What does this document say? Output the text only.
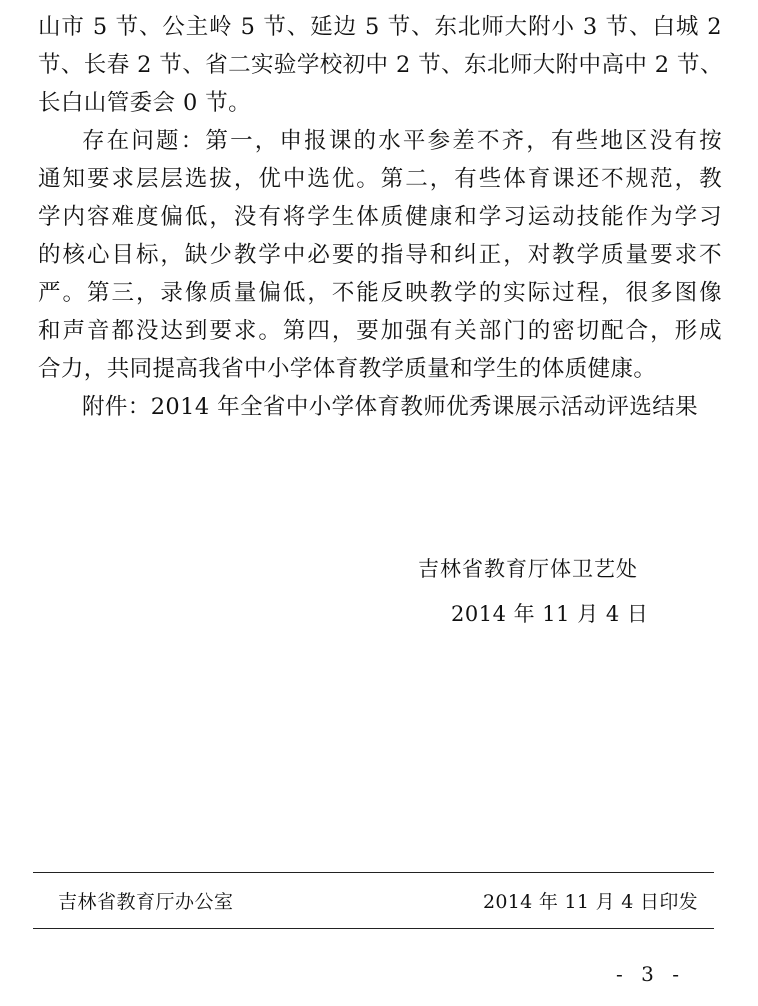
山市 5 节、公主岭 5 节、延边 5 节、东北师大附小 3 节、白城 2
节、长春 2 节、省二实验学校初中 2 节、东北师大附中高中 2 节、
长白山管委会 0 节。
存在问题：第一，申报课的水平参差不齐，有些地区没有按
通知要求层层选拔，优中选优。第二，有些体育课还不规范，教
学内容难度偏低，没有将学生体质健康和学习运动技能作为学习
的核心目标，缺少教学中必要的指导和纠正，对教学质量要求不
严。第三，录像质量偏低，不能反映教学的实际过程，很多图像
和声音都没达到要求。第四，要加强有关部门的密切配合，形成
合力，共同提高我省中小学体育教学质量和学生的体质健康。
附件：2014 年全省中小学体育教师优秀课展示活动评选结果
吉林省教育厅体卫艺处
2014 年 11 月 4 日
吉林省教育厅办公室	2014 年 11 月 4 日印发
- 3 -
